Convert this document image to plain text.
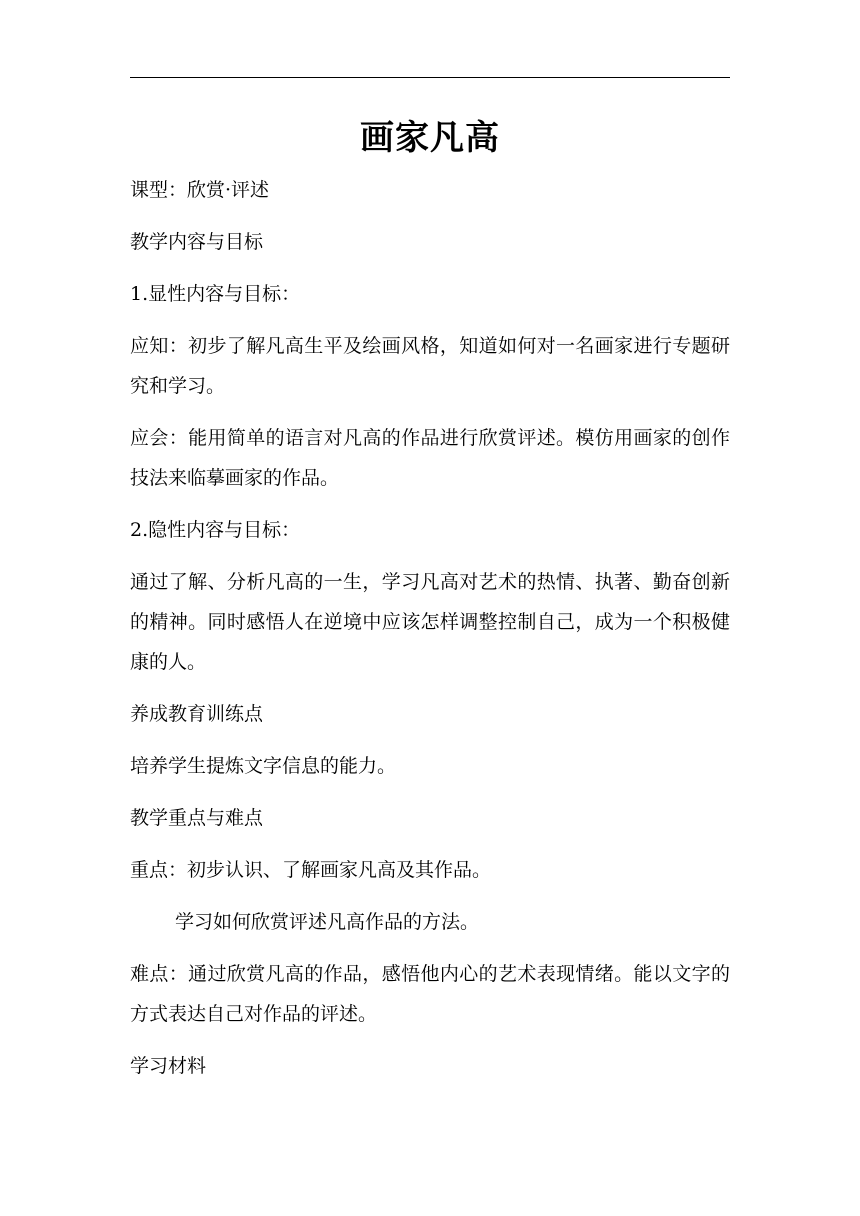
画家凡高

课型：欣赏·评述

教学内容与目标

1.显性内容与目标：

应知：初步了解凡高生平及绘画风格，知道如何对一名画家进行专题研究和学习。

应会：能用简单的语言对凡高的作品进行欣赏评述。模仿用画家的创作技法来临摹画家的作品。

2.隐性内容与目标：

通过了解、分析凡高的一生，学习凡高对艺术的热情、执著、勤奋创新的精神。同时感悟人在逆境中应该怎样调整控制自己，成为一个积极健康的人。

养成教育训练点

培养学生提炼文字信息的能力。

教学重点与难点

重点：初步认识、了解画家凡高及其作品。

学习如何欣赏评述凡高作品的方法。

难点：通过欣赏凡高的作品，感悟他内心的艺术表现情绪。能以文字的方式表达自己对作品的评述。

学习材料
